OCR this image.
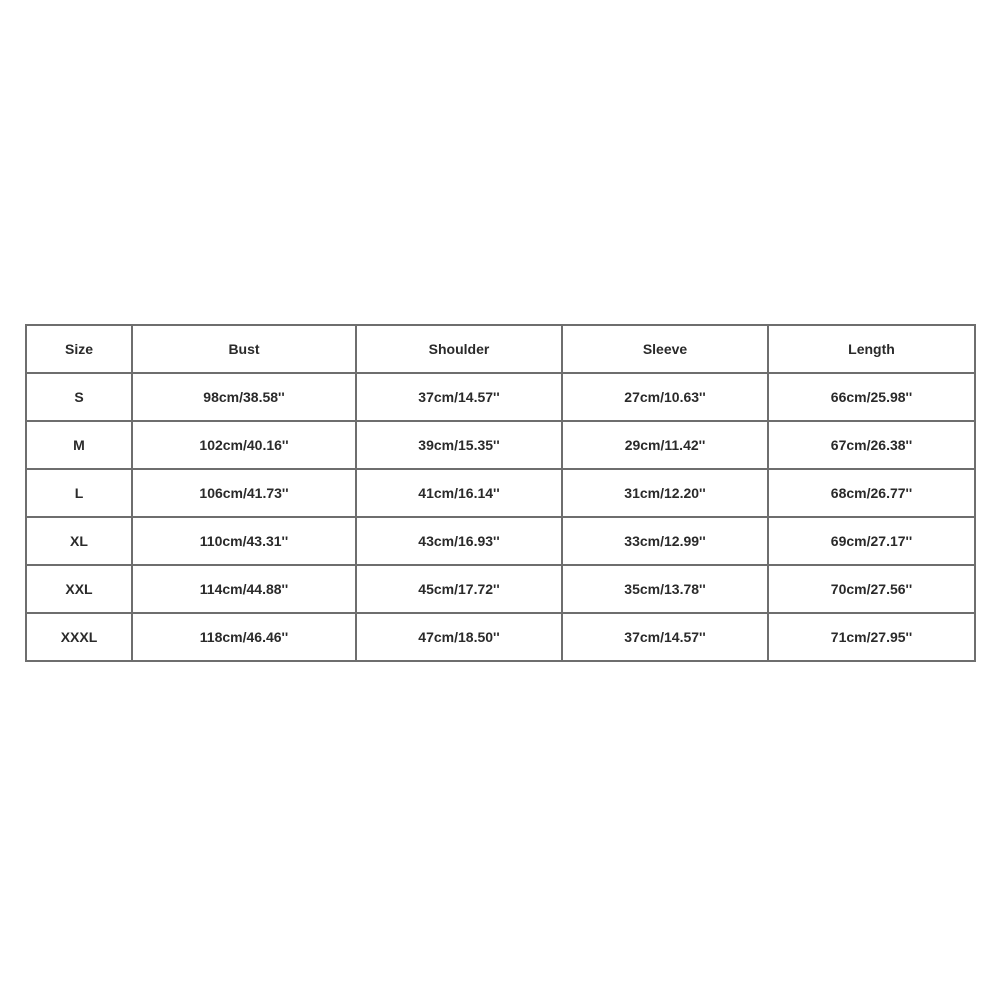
Size	Bust	Shoulder	Sleeve	Length
S	98cm/38.58''	37cm/14.57''	27cm/10.63''	66cm/25.98''
M	102cm/40.16''	39cm/15.35''	29cm/11.42''	67cm/26.38''
L	106cm/41.73''	41cm/16.14''	31cm/12.20''	68cm/26.77''
XL	110cm/43.31''	43cm/16.93''	33cm/12.99''	69cm/27.17''
XXL	114cm/44.88''	45cm/17.72''	35cm/13.78''	70cm/27.56''
XXXL	118cm/46.46''	47cm/18.50''	37cm/14.57''	71cm/27.95''
